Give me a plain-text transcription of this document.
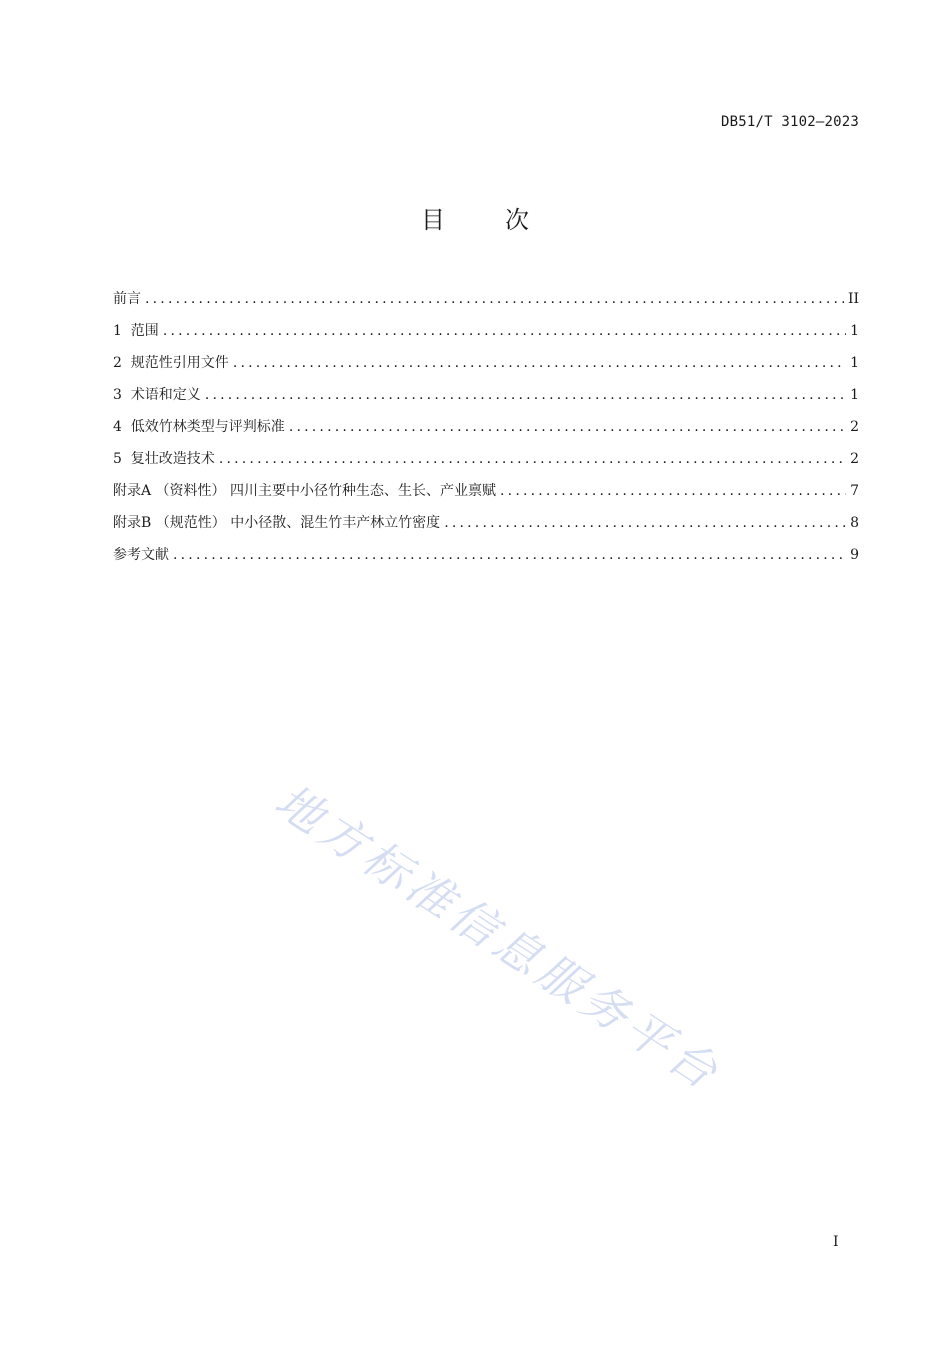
DB51/T 3102—2023
目次
前言 .....	II
1  范围 .....	1
2  规范性引用文件 .....	1
3  术语和定义 .....	1
4  低效竹林类型与评判标准 .....	2
5  复壮改造技术 .....	2
附录A （资料性） 四川主要中小径竹种生态、生长、产业禀赋 .....	7
附录B （规范性） 中小径散、混生竹丰产林立竹密度 .....	8
参考文献 .....	9
地方标准信息服务平台
I
